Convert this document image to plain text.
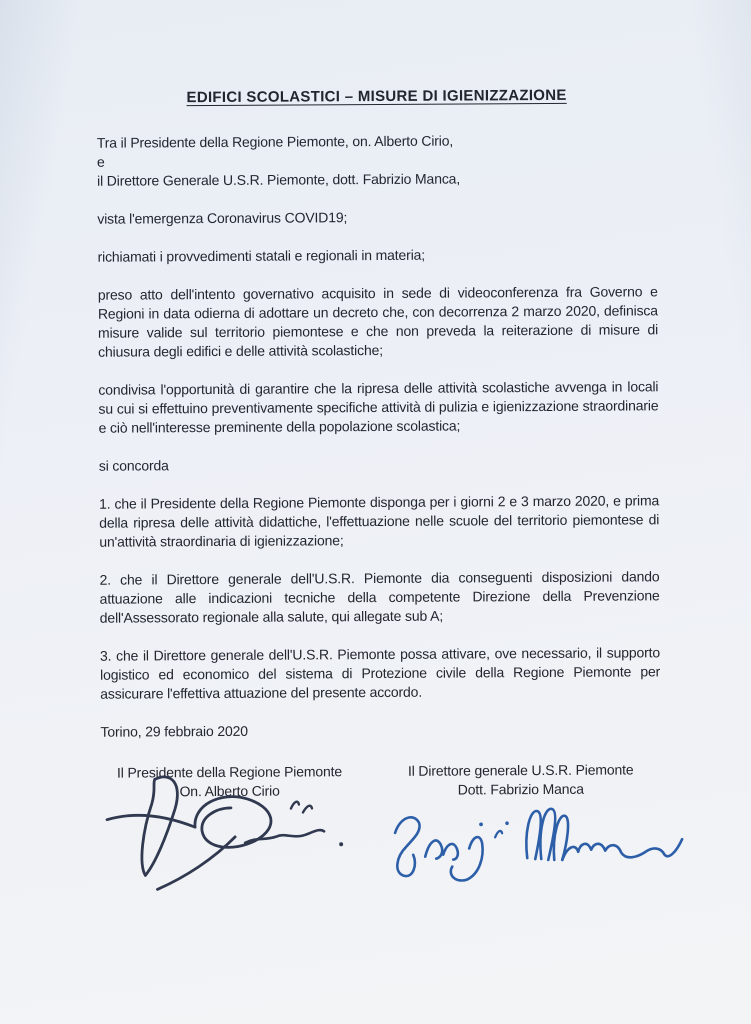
EDIFICI SCOLASTICI – MISURE DI IGIENIZZAZIONE

Tra il Presidente della Regione Piemonte, on. Alberto Cirio,

e

il Direttore Generale U.S.R. Piemonte, dott. Fabrizio Manca,

vista l'emergenza Coronavirus COVID19;

richiamati i provvedimenti statali e regionali in materia;

preso atto dell'intento governativo acquisito in sede di videoconferenza fra Governo e Regioni in data odierna di adottare un decreto che, con decorrenza 2 marzo 2020, definisca misure valide sul territorio piemontese e che non preveda la reiterazione di misure di chiusura degli edifici e delle attività scolastiche;

condivisa l'opportunità di garantire che la ripresa delle attività scolastiche avvenga in locali su cui si effettuino preventivamente specifiche attività di pulizia e igienizzazione straordinarie e ciò nell'interesse preminente della popolazione scolastica;

si concorda

1. che il Presidente della Regione Piemonte disponga per i giorni 2 e 3 marzo 2020, e prima della ripresa delle attività didattiche, l'effettuazione nelle scuole del territorio piemontese di un'attività straordinaria di igienizzazione;

2. che il Direttore generale dell'U.S.R. Piemonte dia conseguenti disposizioni dando attuazione alle indicazioni tecniche della competente Direzione della Prevenzione dell'Assessorato regionale alla salute, qui allegate sub A;

3. che il Direttore generale dell'U.S.R. Piemonte possa attivare, ove necessario, il supporto logistico ed economico del sistema di Protezione civile della Regione Piemonte per assicurare l'effettiva attuazione del presente accordo.

Torino, 29 febbraio 2020

Il Presidente della Regione Piemonte
On. Alberto Cirio
Il Direttore generale U.S.R. Piemonte
Dott. Fabrizio Manca
